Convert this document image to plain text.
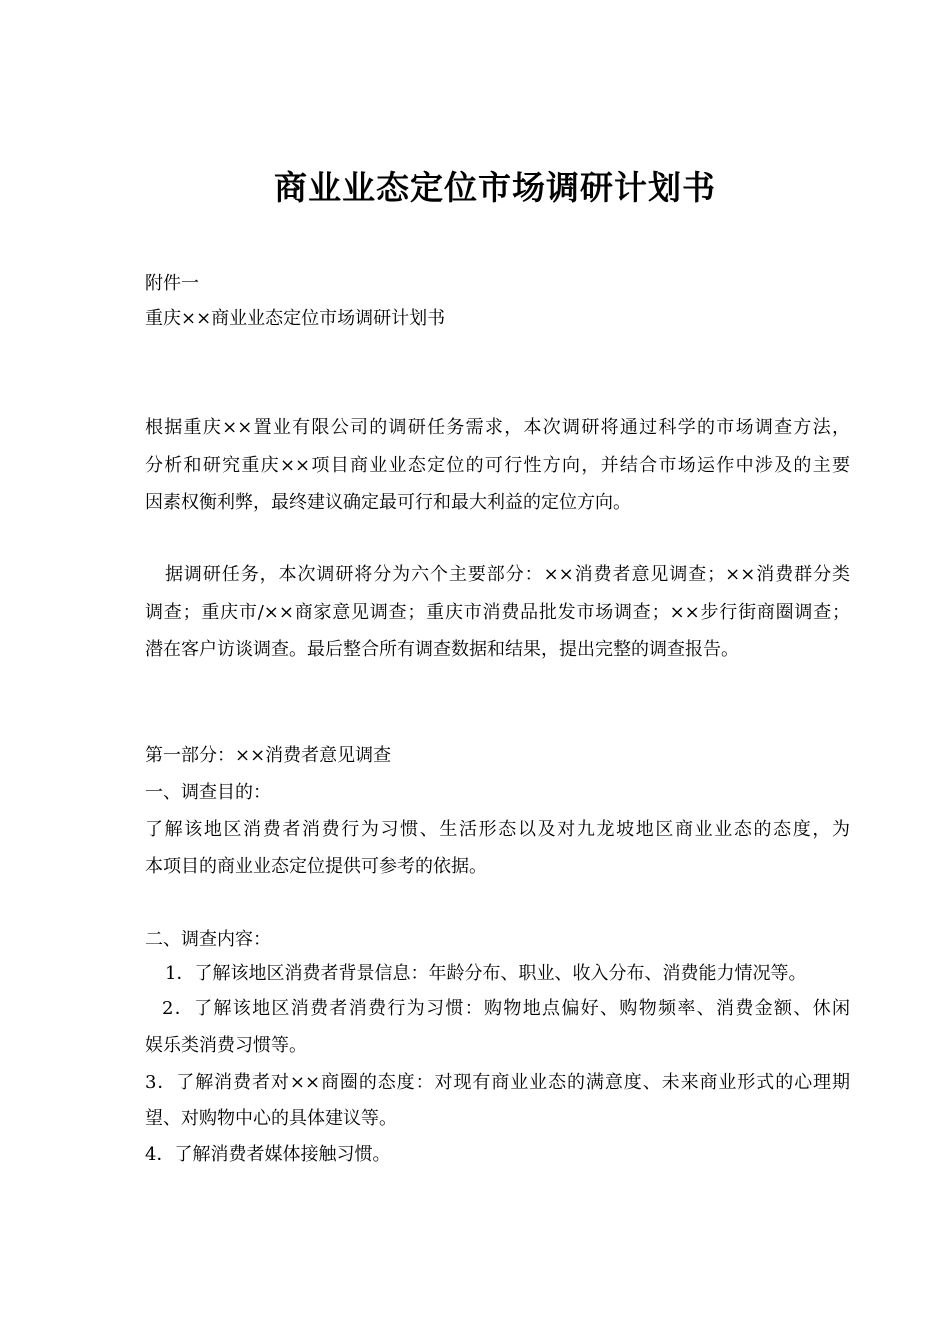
商业业态定位市场调研计划书
附件一
重庆××商业业态定位市场调研计划书
根据重庆××置业有限公司的调研任务需求，本次调研将通过科学的市场调查方法，
分析和研究重庆××项目商业业态定位的可行性方向，并结合市场运作中涉及的主要
因素权衡利弊，最终建议确定最可行和最大利益的定位方向。
据调研任务，本次调研将分为六个主要部分：××消费者意见调查；××消费群分类
调查；重庆市/××商家意见调查；重庆市消费品批发市场调查；××步行街商圈调查；
潜在客户访谈调查。最后整合所有调查数据和结果，提出完整的调查报告。
第一部分：××消费者意见调查
一、调查目的：
了解该地区消费者消费行为习惯、生活形态以及对九龙坡地区商业业态的态度，为
本项目的商业业态定位提供可参考的依据。
二、调查内容：
1．了解该地区消费者背景信息：年龄分布、职业、收入分布、消费能力情况等。
2．了解该地区消费者消费行为习惯：购物地点偏好、购物频率、消费金额、休闲
娱乐类消费习惯等。
3．了解消费者对××商圈的态度：对现有商业业态的满意度、未来商业形式的心理期
望、对购物中心的具体建议等。
4．了解消费者媒体接触习惯。
